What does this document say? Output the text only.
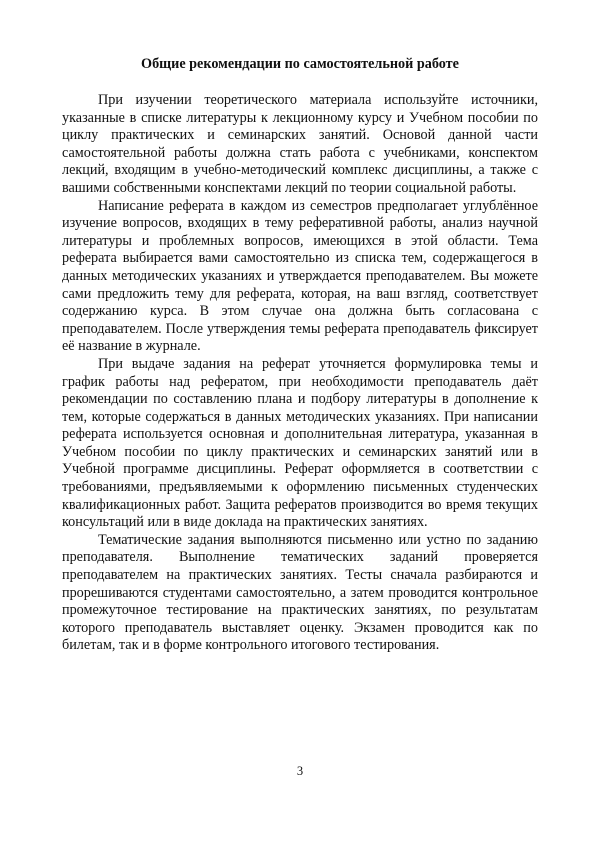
Общие рекомендации по самостоятельной работе

При изучении теоретического материала используйте источники, указанные в списке литературы к лекционному курсу и Учебном пособии по циклу практических и семинарских занятий. Основой данной части самостоятельной работы должна стать работа с учебниками, конспектом лекций, входящим в учебно-методический комплекс дисциплины, а также с вашими собственными конспектами лекций по теории социальной работы.

Написание реферата в каждом из семестров предполагает углублённое изучение вопросов, входящих в тему реферативной работы, анализ научной литературы и проблемных вопросов, имеющихся в этой области. Тема реферата выбирается вами самостоятельно из списка тем, содержащегося в данных методических указаниях и утверждается преподавателем. Вы можете сами предложить тему для реферата, которая, на ваш взгляд, соответствует содержанию курса. В этом случае она должна быть согласована с преподавателем. После утверждения темы реферата преподаватель фиксирует её название в журнале.

При выдаче задания на реферат уточняется формулировка темы и график работы над рефератом, при необходимости преподаватель даёт рекомендации по составлению плана и подбору литературы в дополнение к тем, которые содержаться в данных методических указаниях. При написании реферата используется основная и дополнительная литература, указанная в Учебном пособии по циклу практических и семинарских занятий или в Учебной программе дисциплины. Реферат оформляется в соответствии с требованиями, предъявляемыми к оформлению письменных студенческих квалификационных работ. Защита рефератов производится во время текущих консультаций или в виде доклада на практических занятиях.

Тематические задания выполняются письменно или устно по заданию преподавателя. Выполнение тематических заданий проверяется преподавателем на практических занятиях. Тесты сначала разбираются и прорешиваются студентами самостоятельно, а затем проводится контрольное промежуточное тестирование на практических занятиях, по результатам которого преподаватель выставляет оценку. Экзамен проводится как по билетам, так и в форме контрольного итогового тестирования.

3
